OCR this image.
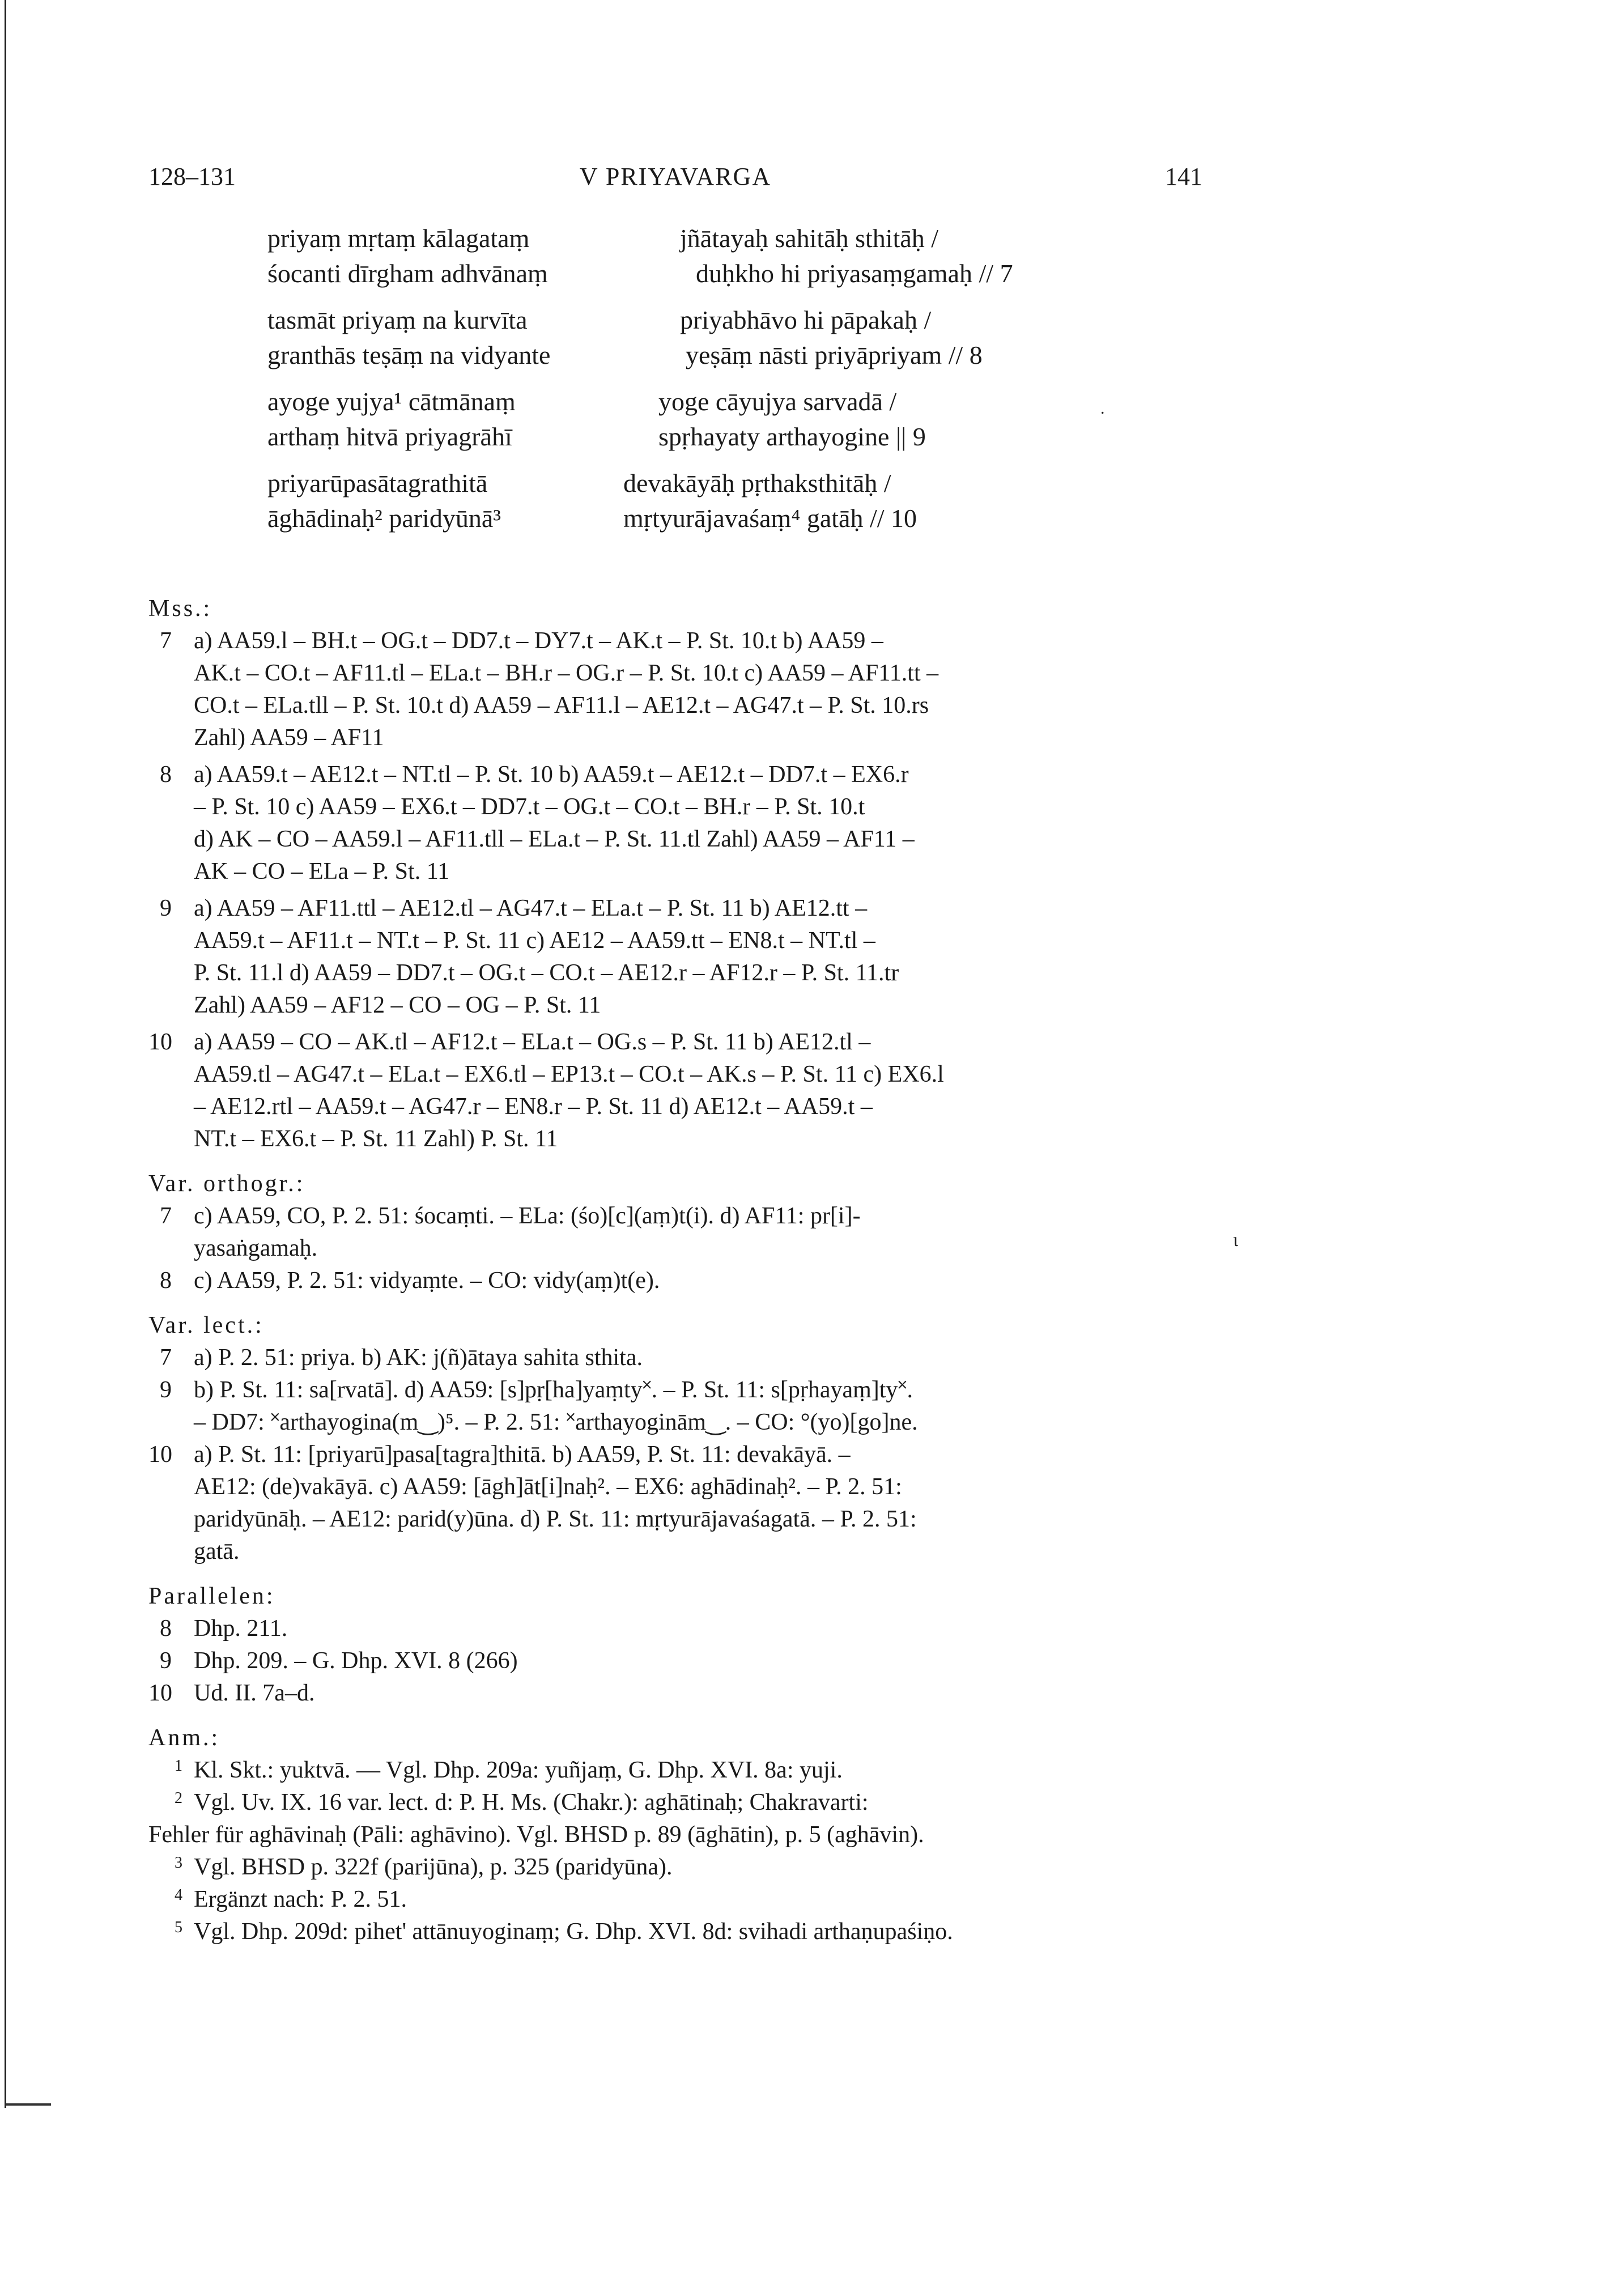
128–131	V PRIYAVARGA	141
priyaṃ mṛtaṃ kālagataṃ	jñātayaḥ sahitāḥ sthitāḥ /
śocanti dīrgham adhvānaṃ	duḥkho hi priyasaṃgamaḥ // 7
tasmāt priyaṃ na kurvīta	priyabhāvo hi pāpakaḥ /
granthās teṣāṃ na vidyante	yeṣāṃ nāsti priyāpriyam // 8
ayoge yujya¹ cātmānaṃ	yoge cāyujya sarvadā /
arthaṃ hitvā priyagrāhī	spṛhayaty arthayogine || 9
priyarūpasātagrathitā	devakāyāḥ pṛthaksthitāḥ /
āghādinaḥ² paridyūnā³	mṛtyurājavaśaṃ⁴ gatāḥ // 10
Mss.:
7 a) AA59.l – BH.t – OG.t – DD7.t – DY7.t – AK.t – P. St. 10.t b) AA59 –

AK.t – CO.t – AF11.tl – ELa.t – BH.r – OG.r – P. St. 10.t c) AA59 – AF11.tt –

CO.t – ELa.tll – P. St. 10.t d) AA59 – AF11.l – AE12.t – AG47.t – P. St. 10.rs

Zahl) AA59 – AF11

8 a) AA59.t – AE12.t – NT.tl – P. St. 10 b) AA59.t – AE12.t – DD7.t – EX6.r

– P. St. 10 c) AA59 – EX6.t – DD7.t – OG.t – CO.t – BH.r – P. St. 10.t

d) AK – CO – AA59.l – AF11.tll – ELa.t – P. St. 11.tl Zahl) AA59 – AF11 –

AK – CO – ELa – P. St. 11

9 a) AA59 – AF11.ttl – AE12.tl – AG47.t – ELa.t – P. St. 11 b) AE12.tt –

AA59.t – AF11.t – NT.t – P. St. 11 c) AE12 – AA59.tt – EN8.t – NT.tl –

P. St. 11.l d) AA59 – DD7.t – OG.t – CO.t – AE12.r – AF12.r – P. St. 11.tr

Zahl) AA59 – AF12 – CO – OG – P. St. 11

10 a) AA59 – CO – AK.tl – AF12.t – ELa.t – OG.s – P. St. 11 b) AE12.tl –

AA59.tl – AG47.t – ELa.t – EX6.tl – EP13.t – CO.t – AK.s – P. St. 11 c) EX6.l

– AE12.rtl – AA59.t – AG47.r – EN8.r – P. St. 11 d) AE12.t – AA59.t –

NT.t – EX6.t – P. St. 11 Zahl) P. St. 11

Var. orthogr.:
7 c) AA59, CO, P. 2. 51: śocaṃti. – ELa: (śo)[c](aṃ)t(i). d) AF11: pr[i]-

yasaṅgamaḥ.

8 c) AA59, P. 2. 51: vidyaṃte. – CO: vidy(aṃ)t(e).

Var. lect.:
7 a) P. 2. 51: priya. b) AK: j(ñ)ātaya sahita sthita.

9 b) P. St. 11: sa[rvatā]. d) AA59: [s]pṛ[ha]yaṃty˟. – P. St. 11: s[pṛhayaṃ]ty˟.

– DD7: ˟arthayogina(m‿)⁵. – P. 2. 51: ˟arthayoginām‿. – CO: °(yo)[go]ne.

10 a) P. St. 11: [priyarū]pasa[tagra]thitā. b) AA59, P. St. 11: devakāyā. –

AE12: (de)vakāyā. c) AA59: [āgh]āt[i]naḥ². – EX6: aghādinaḥ². – P. 2. 51:

paridyūnāḥ. – AE12: parid(y)ūna. d) P. St. 11: mṛtyurājavaśagatā. – P. 2. 51:

gatā.

Parallelen:
8 Dhp. 211.

9 Dhp. 209. – G. Dhp. XVI. 8 (266)

10 Ud. II. 7a–d.

Anm.:
1 Kl. Skt.: yuktvā. — Vgl. Dhp. 209a: yuñjaṃ, G. Dhp. XVI. 8a: yuji.

2 Vgl. Uv. IX. 16 var. lect. d: P. H. Ms. (Chakr.): aghātinaḥ; Chakravarti:

Fehler für aghāvinaḥ (Pāli: aghāvino). Vgl. BHSD p. 89 (āghātin), p. 5 (aghāvin).

3 Vgl. BHSD p. 322f (parijūna), p. 325 (paridyūna).

4 Ergänzt nach: P. 2. 51.

5 Vgl. Dhp. 209d: pihet' attānuyoginaṃ; G. Dhp. XVI. 8d: svihadi arthaṇupaśiṇo.

.
ɩ
